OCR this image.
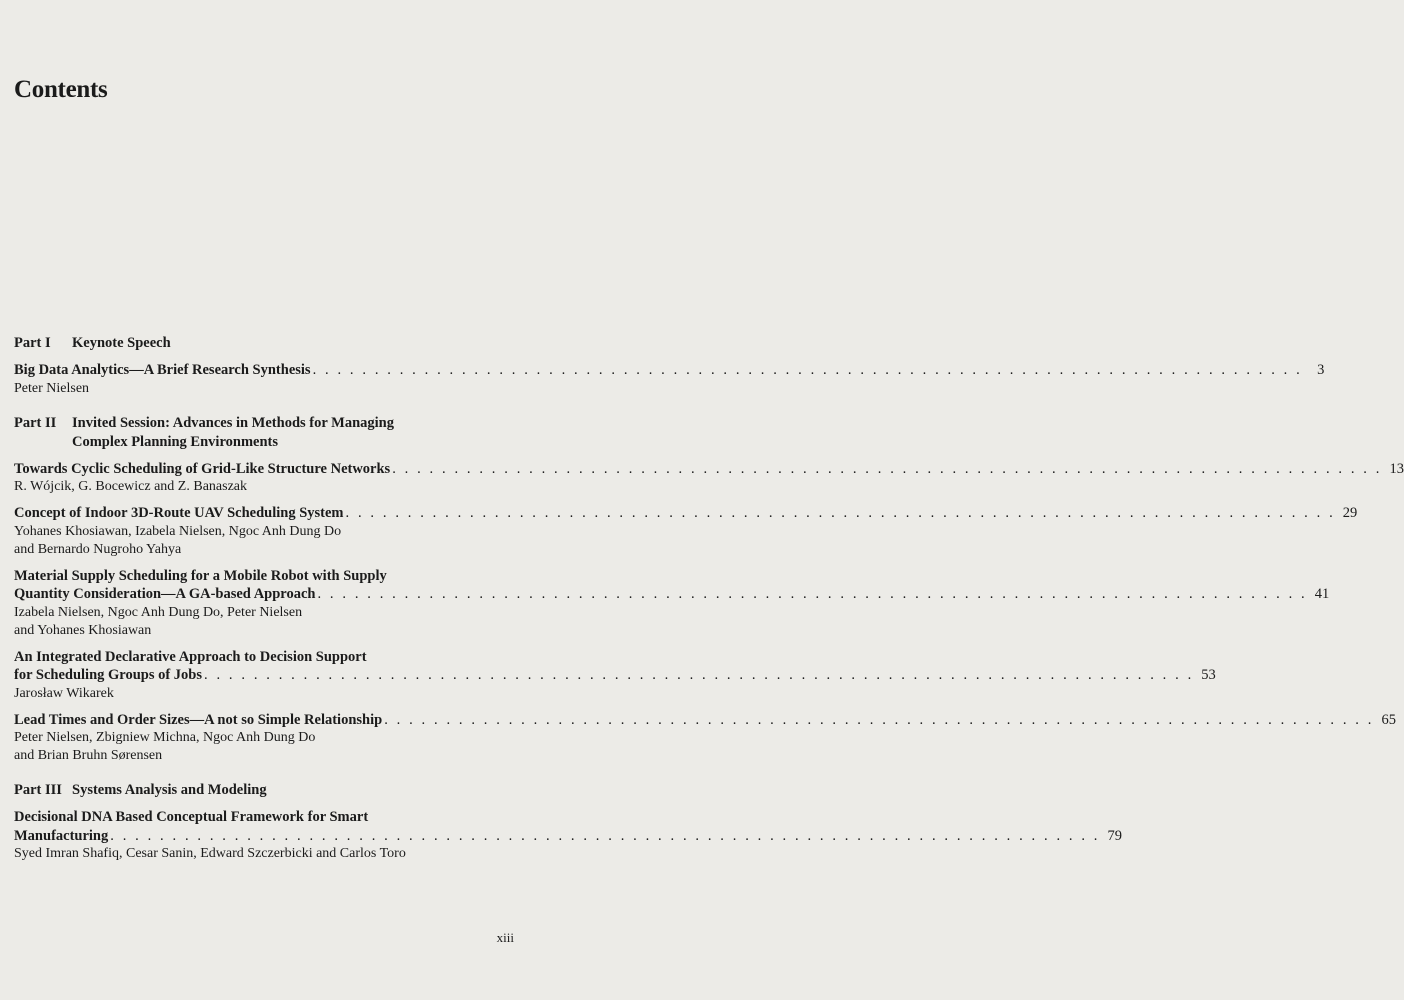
Contents
Part I	Keynote Speech
Big Data Analytics—A Brief Research Synthesis . . . . . . . . . . . . . . . . . . . . . . . . . . . . . . . . . . . . . . . . . . . . . . . . . . . . . . . . . . . . . . . . . . . . . . . . . . . . . . . .	3
Peter Nielsen
Part II	Invited Session: Advances in Methods for Managing
Complex Planning Environments
Towards Cyclic Scheduling of Grid-Like Structure Networks . . . . . . . . . . . . . . . . . . . . . . . . . . . . . . . . . . . . . . . . . . . . . . . . . . . . . . . . . . . . . . . . . . . . . . . . . . . . . . . . 13
R. Wójcik, G. Bocewicz and Z. Banaszak
Concept of Indoor 3D-Route UAV Scheduling System . . . . . . . . . . . . . . . . . . . . . . . . . . . . . . . . . . . . . . . . . . . . . . . . . . . . . . . . . . . . . . . . . . . . . . . . . . . . . . . . 29
Yohanes Khosiawan, Izabela Nielsen, Ngoc Anh Dung Do
and Bernardo Nugroho Yahya
Material Supply Scheduling for a Mobile Robot with Supply
Quantity Consideration—A GA-based Approach . . . . . . . . . . . . . . . . . . . . . . . . . . . . . . . . . . . . . . . . . . . . . . . . . . . . . . . . . . . . . . . . . . . . . . . . . . . . . . . . 41
Izabela Nielsen, Ngoc Anh Dung Do, Peter Nielsen
and Yohanes Khosiawan
An Integrated Declarative Approach to Decision Support
for Scheduling Groups of Jobs . . . . . . . . . . . . . . . . . . . . . . . . . . . . . . . . . . . . . . . . . . . . . . . . . . . . . . . . . . . . . . . . . . . . . . . . . . . . . . . . 53
Jarosław Wikarek
Lead Times and Order Sizes—A not so Simple Relationship . . . . . . . . . . . . . . . . . . . . . . . . . . . . . . . . . . . . . . . . . . . . . . . . . . . . . . . . . . . . . . . . . . . . . . . . . . . . . . . . 65
Peter Nielsen, Zbigniew Michna, Ngoc Anh Dung Do
and Brian Bruhn Sørensen
Part III Systems Analysis and Modeling
Decisional DNA Based Conceptual Framework for Smart
Manufacturing . . . . . . . . . . . . . . . . . . . . . . . . . . . . . . . . . . . . . . . . . . . . . . . . . . . . . . . . . . . . . . . . . . . . . . . . . . . . . . . . 79
Syed Imran Shafiq, Cesar Sanin, Edward Szczerbicki and Carlos Toro
xiii
